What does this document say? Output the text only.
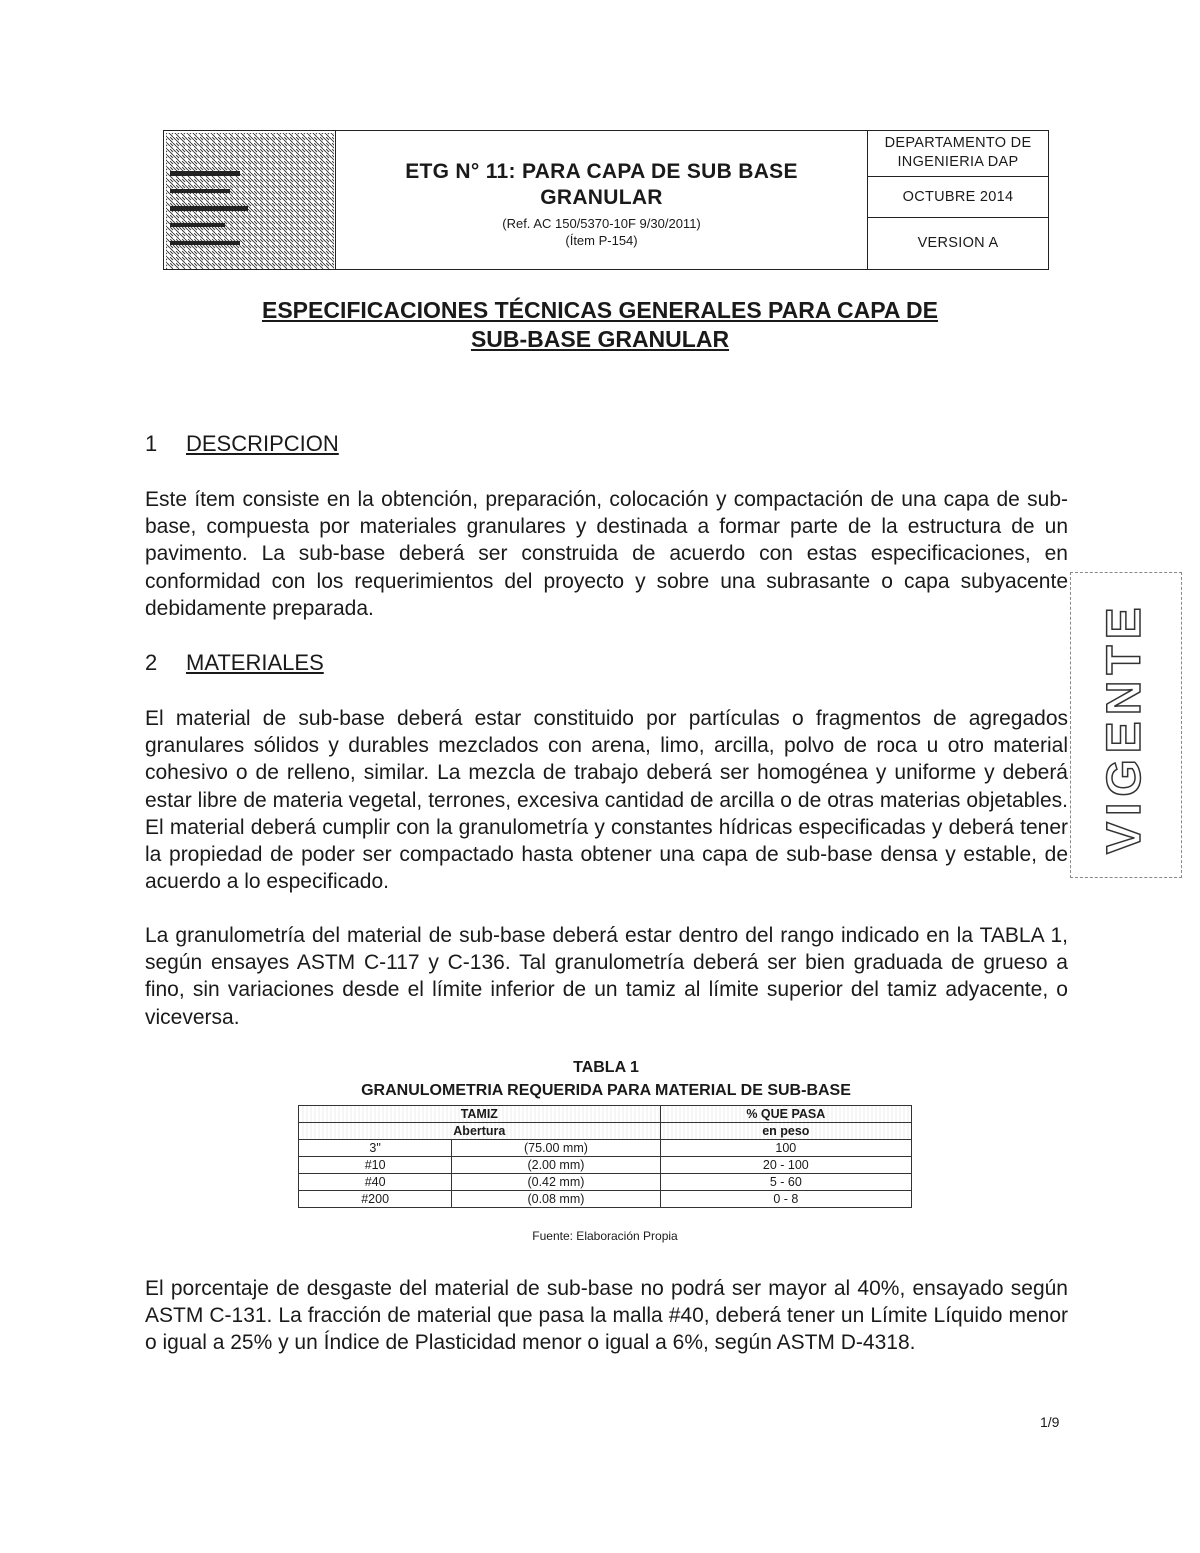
ETG N° 11: PARA CAPA DE SUB BASE
GRANULAR
(Ref. AC 150/5370-10F 9/30/2011)
(Ítem P-154)
DEPARTAMENTO DE
INGENIERIA DAP
OCTUBRE 2014
VERSION A
ESPECIFICACIONES TÉCNICAS GENERALES PARA CAPA DE
SUB-BASE GRANULAR
1 DESCRIPCION
Este ítem consiste en la obtención, preparación, colocación y compactación de una capa de sub-base, compuesta por materiales granulares y destinada a formar parte de la estructura de un pavimento. La sub-base deberá ser construida de acuerdo con estas especificaciones, en conformidad con los requerimientos del proyecto y sobre una subrasante o capa subyacente debidamente preparada.
2 MATERIALES
El material de sub-base deberá estar constituido por partículas o fragmentos de agregados granulares sólidos y durables mezclados con arena, limo, arcilla, polvo de roca u otro material cohesivo o de relleno, similar. La mezcla de trabajo deberá ser homogénea y uniforme y deberá estar libre de materia vegetal, terrones, excesiva cantidad de arcilla o de otras materias objetables. El material deberá cumplir con la granulometría y constantes hídricas especificadas y deberá tener la propiedad de poder ser compactado hasta obtener una capa de sub-base densa y estable, de acuerdo a lo especificado.
La granulometría del material de sub-base deberá estar dentro del rango indicado en la TABLA 1, según ensayes ASTM C-117 y C-136. Tal granulometría deberá ser bien graduada de grueso a fino, sin variaciones desde el límite inferior de un tamiz al límite superior del tamiz adyacente, o viceversa.
TABLA 1
GRANULOMETRIA REQUERIDA PARA MATERIAL DE SUB-BASE
TAMIZ		% QUE PASA
Abertura		en peso
3"	(75.00 mm)	100
#10	(2.00 mm)	20 - 100
#40	(0.42 mm)	5 - 60
#200	(0.08 mm)	0 - 8
Fuente: Elaboración Propia
El porcentaje de desgaste del material de sub-base no podrá ser mayor al 40%, ensayado según ASTM C-131. La fracción de material que pasa la malla #40, deberá tener un Límite Líquido menor o igual a 25% y un Índice de Plasticidad menor o igual a 6%, según ASTM D-4318.
1/9
VIGENTE
